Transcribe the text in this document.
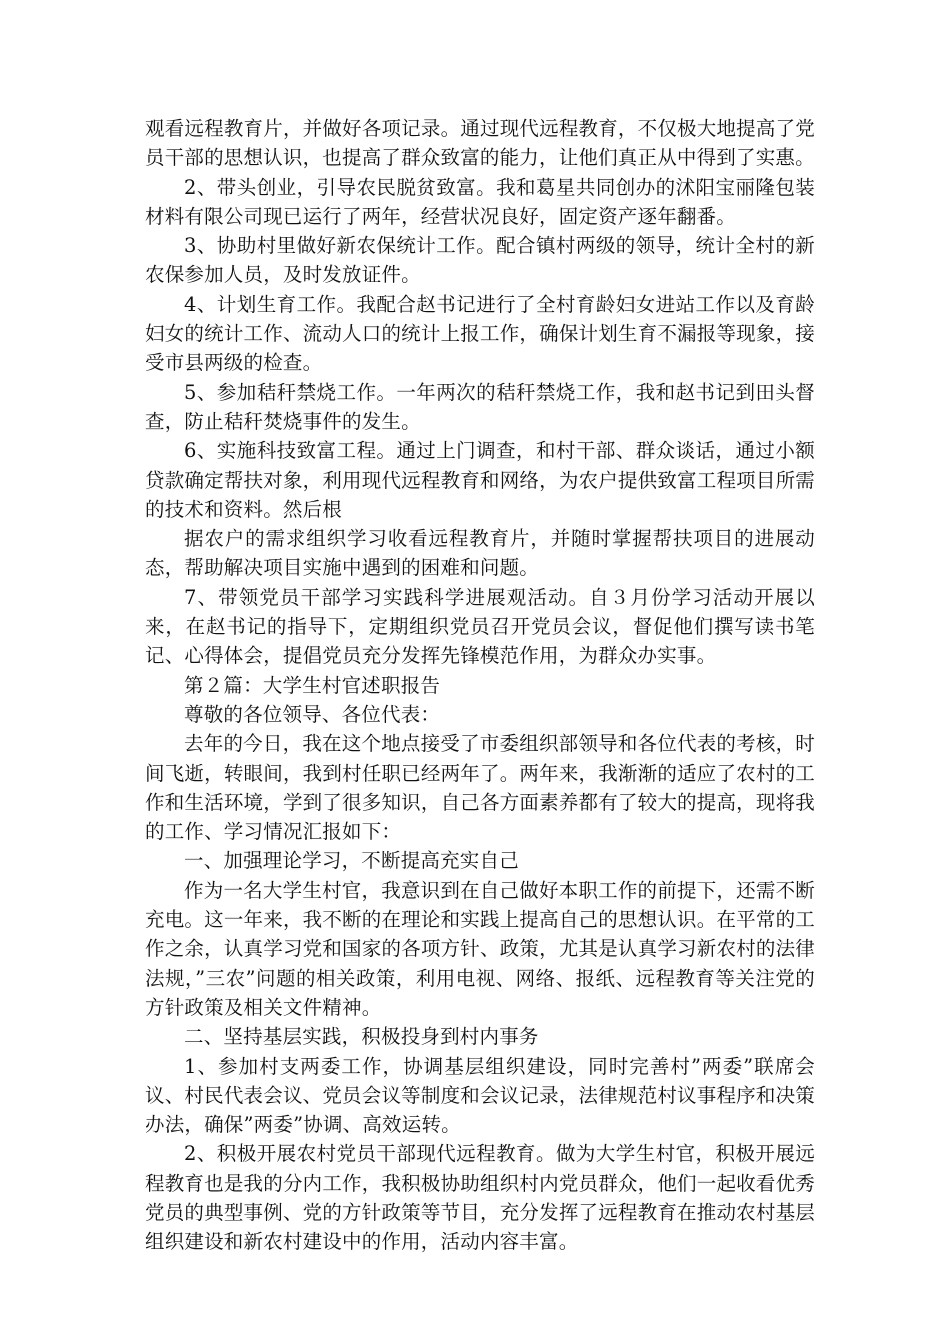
观看远程教育片，并做好各项记录。通过现代远程教育，不仅极大地提高了党员干部的思想认识，也提高了群众致富的能力，让他们真正从中得到了实惠。

2、带头创业，引导农民脱贫致富。我和葛星共同创办的沭阳宝丽隆包装材料有限公司现已运行了两年，经营状况良好，固定资产逐年翻番。

3、协助村里做好新农保统计工作。配合镇村两级的领导，统计全村的新农保参加人员，及时发放证件。

4、计划生育工作。我配合赵书记进行了全村育龄妇女进站工作以及育龄妇女的统计工作、流动人口的统计上报工作，确保计划生育不漏报等现象，接受市县两级的检查。

5、参加秸秆禁烧工作。一年两次的秸秆禁烧工作，我和赵书记到田头督查，防止秸秆焚烧事件的发生。

6、实施科技致富工程。通过上门调查，和村干部、群众谈话，通过小额贷款确定帮扶对象，利用现代远程教育和网络，为农户提供致富工程项目所需的技术和资料。然后根

据农户的需求组织学习收看远程教育片，并随时掌握帮扶项目的进展动态，帮助解决项目实施中遇到的困难和问题。

7、带领党员干部学习实践科学进展观活动。自３月份学习活动开展以来，在赵书记的指导下，定期组织党员召开党员会议，督促他们撰写读书笔记、心得体会，提倡党员充分发挥先锋模范作用，为群众办实事。

第２篇：大学生村官述职报告

尊敬的各位领导、各位代表：

去年的今日，我在这个地点接受了市委组织部领导和各位代表的考核，时间飞逝，转眼间，我到村任职已经两年了。两年来，我渐渐的适应了农村的工作和生活环境，学到了很多知识，自己各方面素养都有了较大的提高，现将我的工作、学习情况汇报如下：

一、加强理论学习，不断提高充实自己

作为一名大学生村官，我意识到在自己做好本职工作的前提下，还需不断充电。这一年来，我不断的在理论和实践上提高自己的思想认识。在平常的工作之余，认真学习党和国家的各项方针、政策，尤其是认真学习新农村的法律法规，”三农”问题的相关政策，利用电视、网络、报纸、远程教育等关注党的方针政策及相关文件精神。

二、坚持基层实践，积极投身到村内事务

1、参加村支两委工作，协调基层组织建设，同时完善村”两委”联席会议、村民代表会议、党员会议等制度和会议记录，法律规范村议事程序和决策办法，确保”两委”协调、高效运转。

2、积极开展农村党员干部现代远程教育。做为大学生村官，积极开展远程教育也是我的分内工作，我积极协助组织村内党员群众，他们一起收看优秀党员的典型事例、党的方针政策等节目，充分发挥了远程教育在推动农村基层组织建设和新农村建设中的作用，活动内容丰富。
